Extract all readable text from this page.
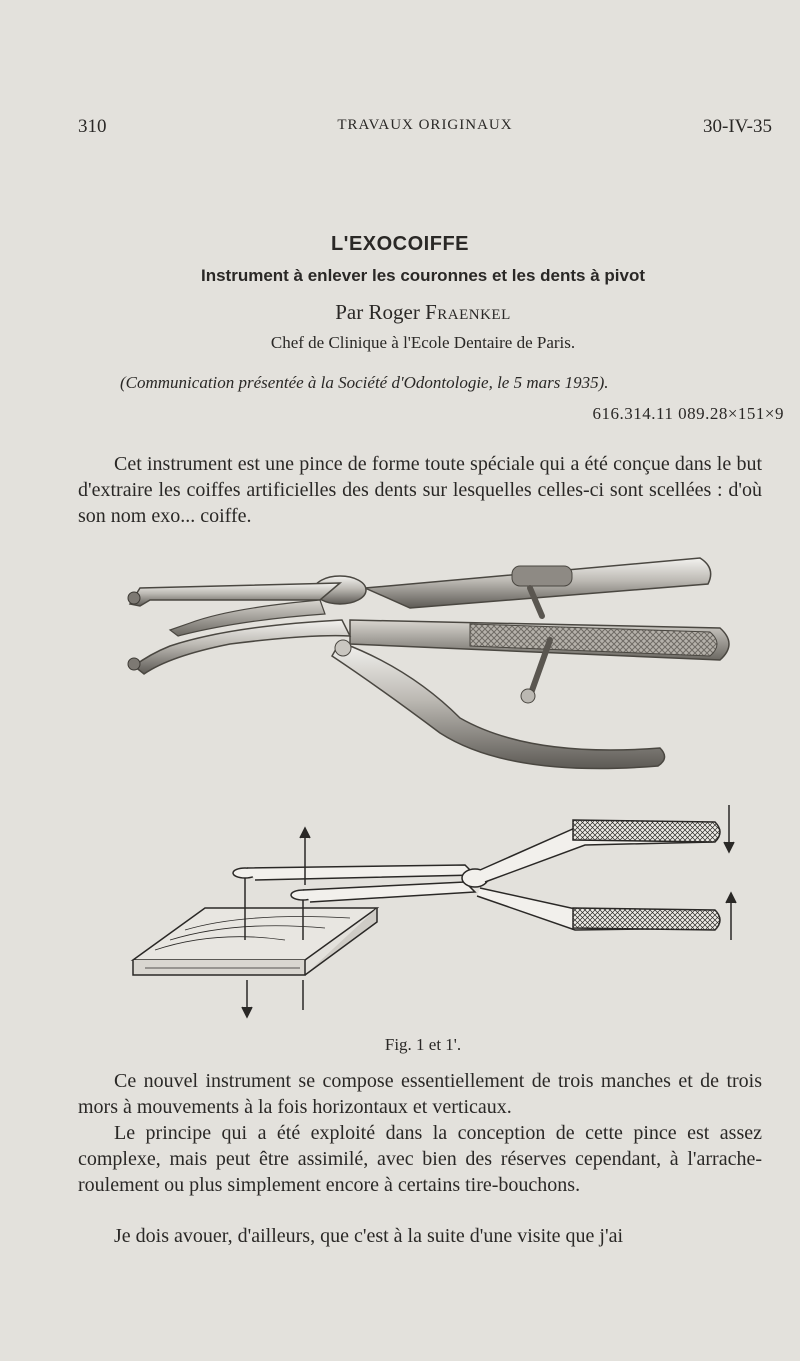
310	TRAVAUX ORIGINAUX	30-IV-35
L'EXOCOIFFE
Instrument à enlever les couronnes et les dents à pivot
Par Roger Fraenkel
Chef de Clinique à l'Ecole Dentaire de Paris.
(Communication présentée à la Société d'Odontologie, le 5 mars 1935).
616.314.11 089.28×151×9
Cet instrument est une pince de forme toute spéciale qui a été conçue dans le but d'extraire les coiffes artificielles des dents sur lesquelles celles-ci sont scellées : d'où son nom exo... coiffe.
Fig. 1 et 1'.
Ce nouvel instrument se compose essentiellement de trois manches et de trois mors à mouvements à la fois horizontaux et verticaux.
Le principe qui a été exploité dans la conception de cette pince est assez complexe, mais peut être assimilé, avec bien des réserves cependant, à l'arrache-roulement ou plus simplement encore à certains tire-bouchons.
Je dois avouer, d'ailleurs, que c'est à la suite d'une visite que j'ai
